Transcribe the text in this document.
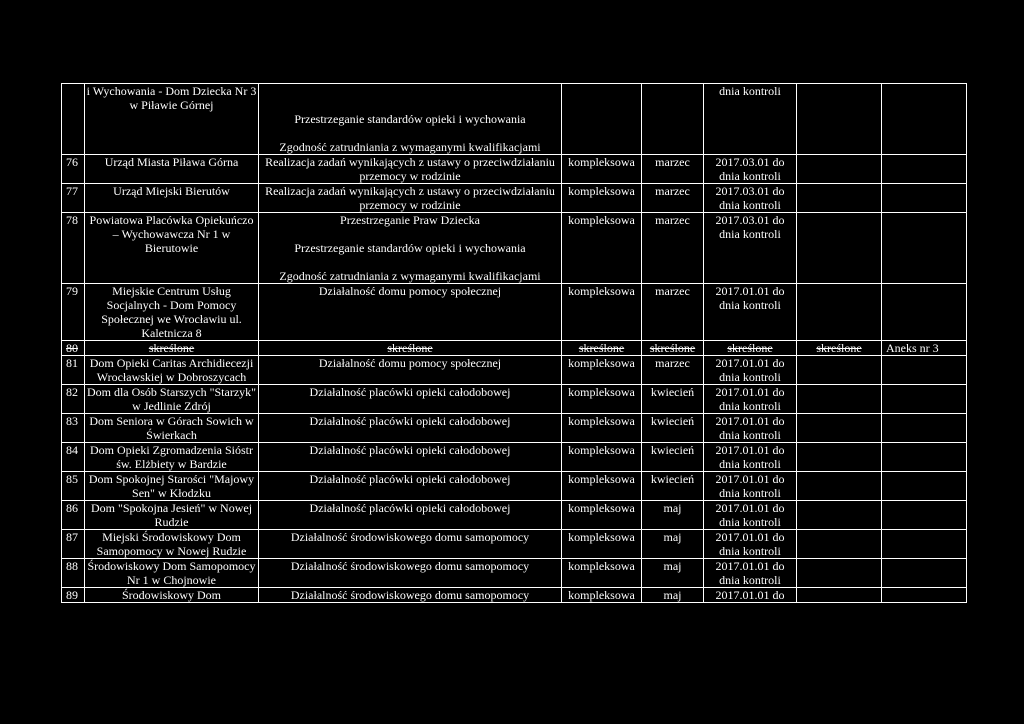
	i Wychowania - Dom Dziecka Nr 3 w Piławie Górnej	Przestrzeganie standardów opieki i wychowania
Zgodność zatrudniania z wymaganymi kwalifikacjami			dnia kontroli		
76	Urząd Miasta Piława Górna	Realizacja zadań wynikających z ustawy o przeciwdziałaniu przemocy w rodzinie	kompleksowa	marzec	2017.03.01 do dnia kontroli		
77	Urząd Miejski Bierutów	Realizacja zadań wynikających z ustawy o przeciwdziałaniu przemocy w rodzinie	kompleksowa	marzec	2017.03.01 do dnia kontroli		
78	Powiatowa Placówka Opiekuńczo – Wychowawcza Nr 1 w Bierutowie	Przestrzeganie Praw Dziecka
Przestrzeganie standardów opieki i wychowania
Zgodność zatrudniania z wymaganymi kwalifikacjami	kompleksowa	marzec	2017.03.01 do dnia kontroli		
79	Miejskie Centrum Usług Socjalnych - Dom Pomocy Społecznej we Wrocławiu ul. Kaletnicza 8	Działalność domu pomocy społecznej	kompleksowa	marzec	2017.01.01 do dnia kontroli		
80	skreślone	skreślone	skreślone	skreślone	skreślone	skreślone	Aneks nr 3
81	Dom Opieki Caritas Archidiecezji Wrocławskiej w Dobroszycach	Działalność domu pomocy społecznej	kompleksowa	marzec	2017.01.01 do dnia kontroli		
82	Dom dla Osób Starszych "Starzyk" w Jedlinie Zdrój	Działalność placówki opieki całodobowej	kompleksowa	kwiecień	2017.01.01 do dnia kontroli		
83	Dom Seniora w Górach Sowich w Świerkach	Działalność placówki opieki całodobowej	kompleksowa	kwiecień	2017.01.01 do dnia kontroli		
84	Dom Opieki Zgromadzenia Sióstr św. Elżbiety w Bardzie	Działalność placówki opieki całodobowej	kompleksowa	kwiecień	2017.01.01 do dnia kontroli		
85	Dom Spokojnej Starości "Majowy Sen" w Kłodzku	Działalność placówki opieki całodobowej	kompleksowa	kwiecień	2017.01.01 do dnia kontroli		
86	Dom "Spokojna Jesień" w Nowej Rudzie	Działalność placówki opieki całodobowej	kompleksowa	maj	2017.01.01 do dnia kontroli		
87	Miejski Środowiskowy Dom Samopomocy w Nowej Rudzie	Działalność środowiskowego domu samopomocy	kompleksowa	maj	2017.01.01 do dnia kontroli		
88	Środowiskowy Dom Samopomocy Nr 1 w Chojnowie	Działalność środowiskowego domu samopomocy	kompleksowa	maj	2017.01.01 do dnia kontroli		
89	Środowiskowy Dom	Działalność środowiskowego domu samopomocy	kompleksowa	maj	2017.01.01 do		
